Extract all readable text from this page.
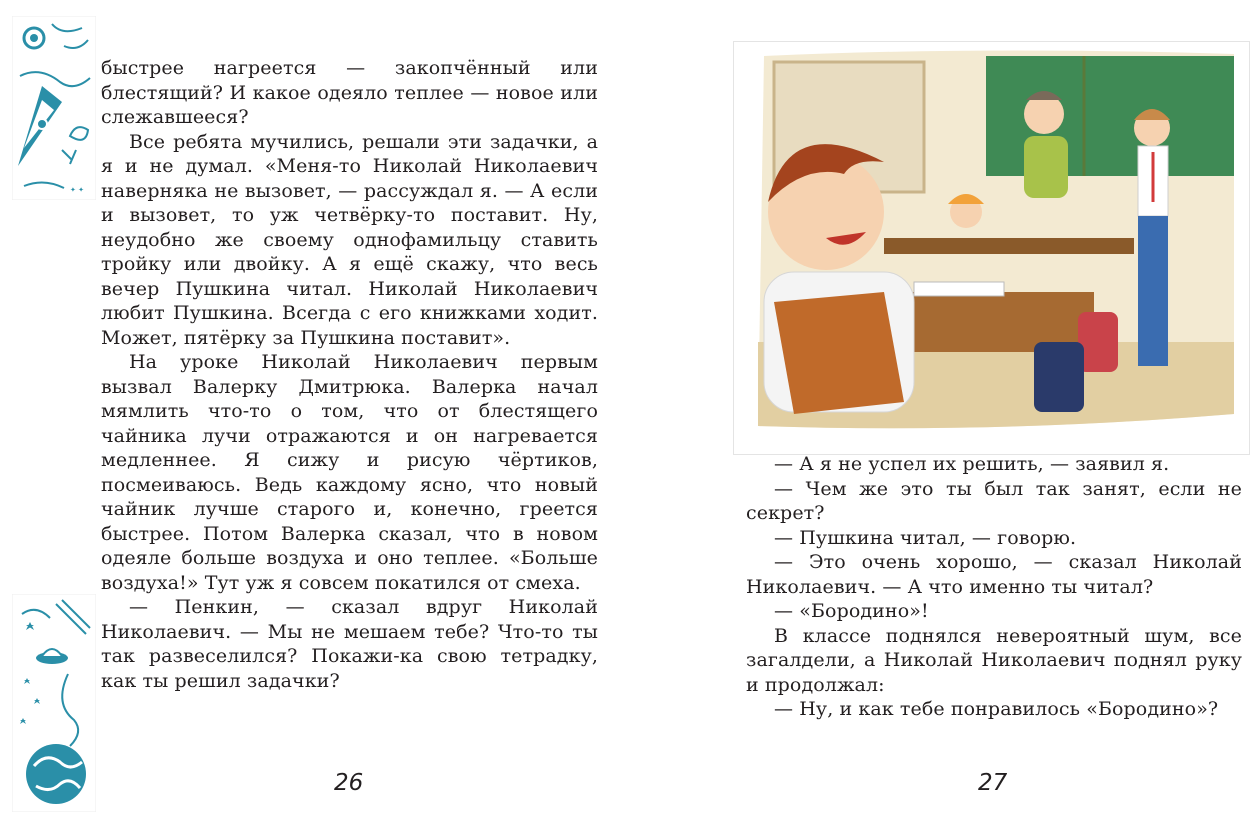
✦ ✦

быстрее нагреется — закопчённый или блестящий? И какое одеяло теплее — новое или слежавшееся?

Все ребята мучились, решали эти задачки, а я и не думал. «Меня-то Николай Николаевич наверняка не вызовет, — рассуждал я. — А если и вызовет, то уж четвёрку-то поставит. Ну, неудобно же своему однофамильцу ставить тройку или двойку. А я ещё скажу, что весь вечер Пушкина читал. Николай Николаевич любит Пушкина. Всегда с его книжками ходит. Может, пятёрку за Пушкина поставит».

На уроке Николай Николаевич первым вызвал Валерку Дмитрюка. Валерка начал мямлить что-то о том, что от блестящего чайника лучи отражаются и он нагревается медленнее. Я сижу и рисую чёртиков, посмеиваюсь. Ведь каждому ясно, что новый чайник лучше старого и, конечно, греется быстрее. Потом Валерка сказал, что в новом одеяле больше воздуха и оно теплее. «Больше воздуха!» Тут уж я совсем покатился от смеха.

— Пенкин, — сказал вдруг Николай Николаевич. — Мы не мешаем тебе? Что-то ты так развеселился? Покажи-ка свою тетрадку, как ты решил задачки?

26

— А я не успел их решить, — заявил я.

— Чем же это ты был так занят, если не секрет?

— Пушкина читал, — говорю.

— Это очень хорошо, — сказал Николай Николаевич. — А что именно ты читал?

— «Бородино»!

В классе поднялся невероятный шум, все загалдели, а Николай Николаевич поднял руку и продолжал:

— Ну, и как тебе понравилось «Бородино»?

27
